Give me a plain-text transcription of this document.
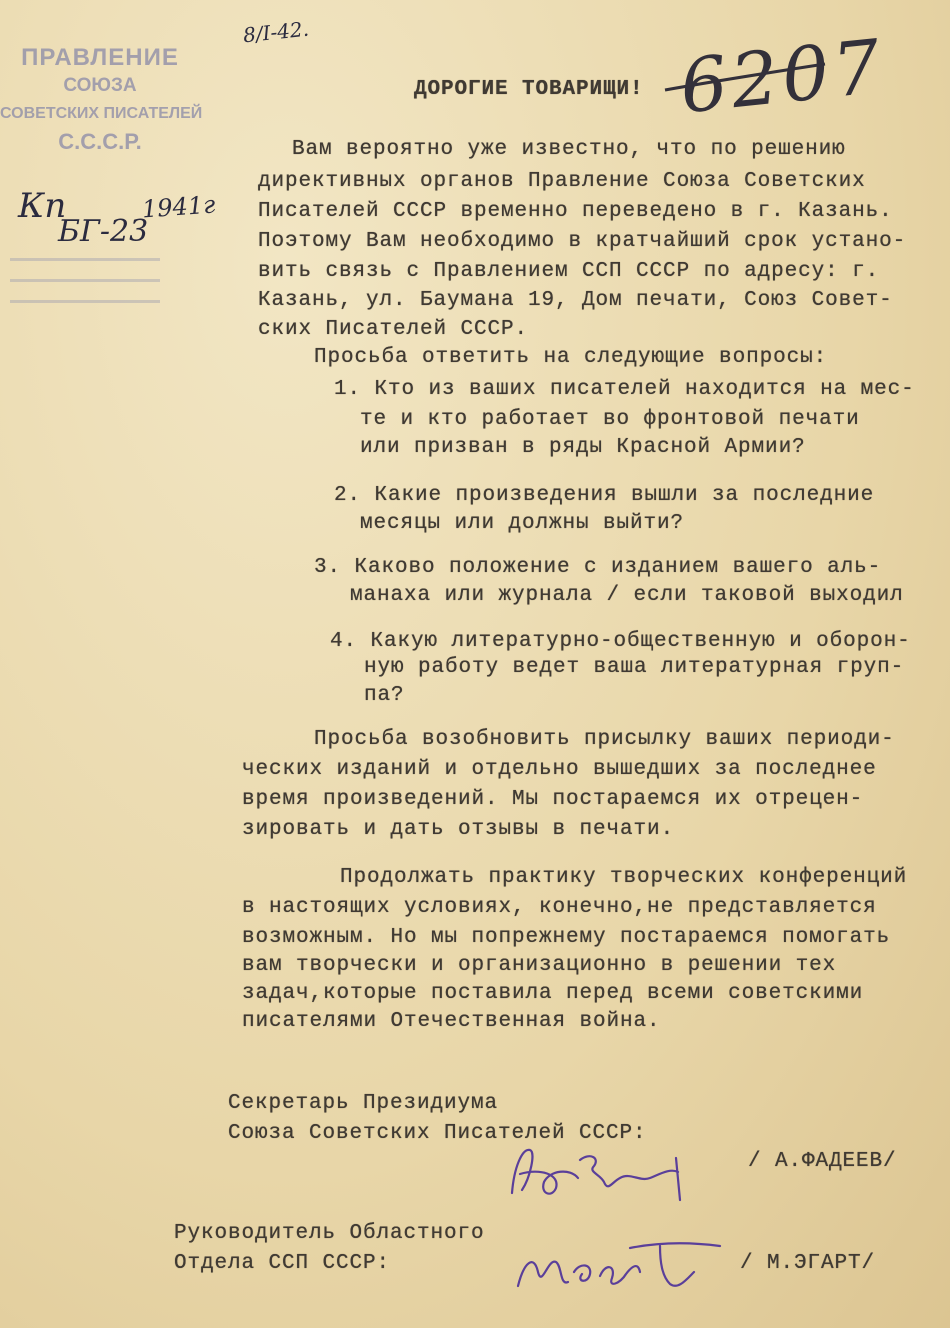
ПРАВЛЕНИЕ
СОЮЗА
СОВЕТСКИХ ПИСАТЕЛЕЙ
С.С.С.Р.
8/I-42.	6207
Кп	1941г
БГ-23
ДОРОГИЕ ТОВАРИЩИ!
Вам вероятно уже известно, что по решению
директивных органов Правление Союза Советских
Писателей СССР временно переведено в г. Казань.
Поэтому Вам необходимо в кратчайший срок устано-
вить связь с Правлением ССП СССР по адресу: г.
Казань, ул. Баумана 19, Дом печати, Союз Совет-
ских Писателей СССР.
Просьба ответить на следующие вопросы:
1. Кто из ваших писателей находится на мес-
те и кто работает во фронтовой печати
или призван в ряды Красной Армии?
2. Какие произведения вышли за последние
месяцы или должны выйти?
3. Каково положение с изданием вашего аль-
манаха или журнала / если таковой выходил
4. Какую литературно-общественную и оборон-
ную работу ведет ваша литературная груп-
па?
Просьба возобновить присылку ваших периоди-
ческих изданий и отдельно вышедших за последнее
время произведений. Мы постараемся их отрецен-
зировать и дать отзывы в печати.
Продолжать практику творческих конференций
в настоящих условиях, конечно,не представляется
возможным. Но мы попрежнему постараемся помогать
вам творчески и организационно в решении тех
задач,которые поставила перед всеми советскими
писателями Отечественная война.
Секретарь Президиума
Союза Советских Писателей СССР:
/ А.ФАДЕЕВ/
Руководитель Областного
Отдела ССП СССР:	/ М.ЭГАРТ/
